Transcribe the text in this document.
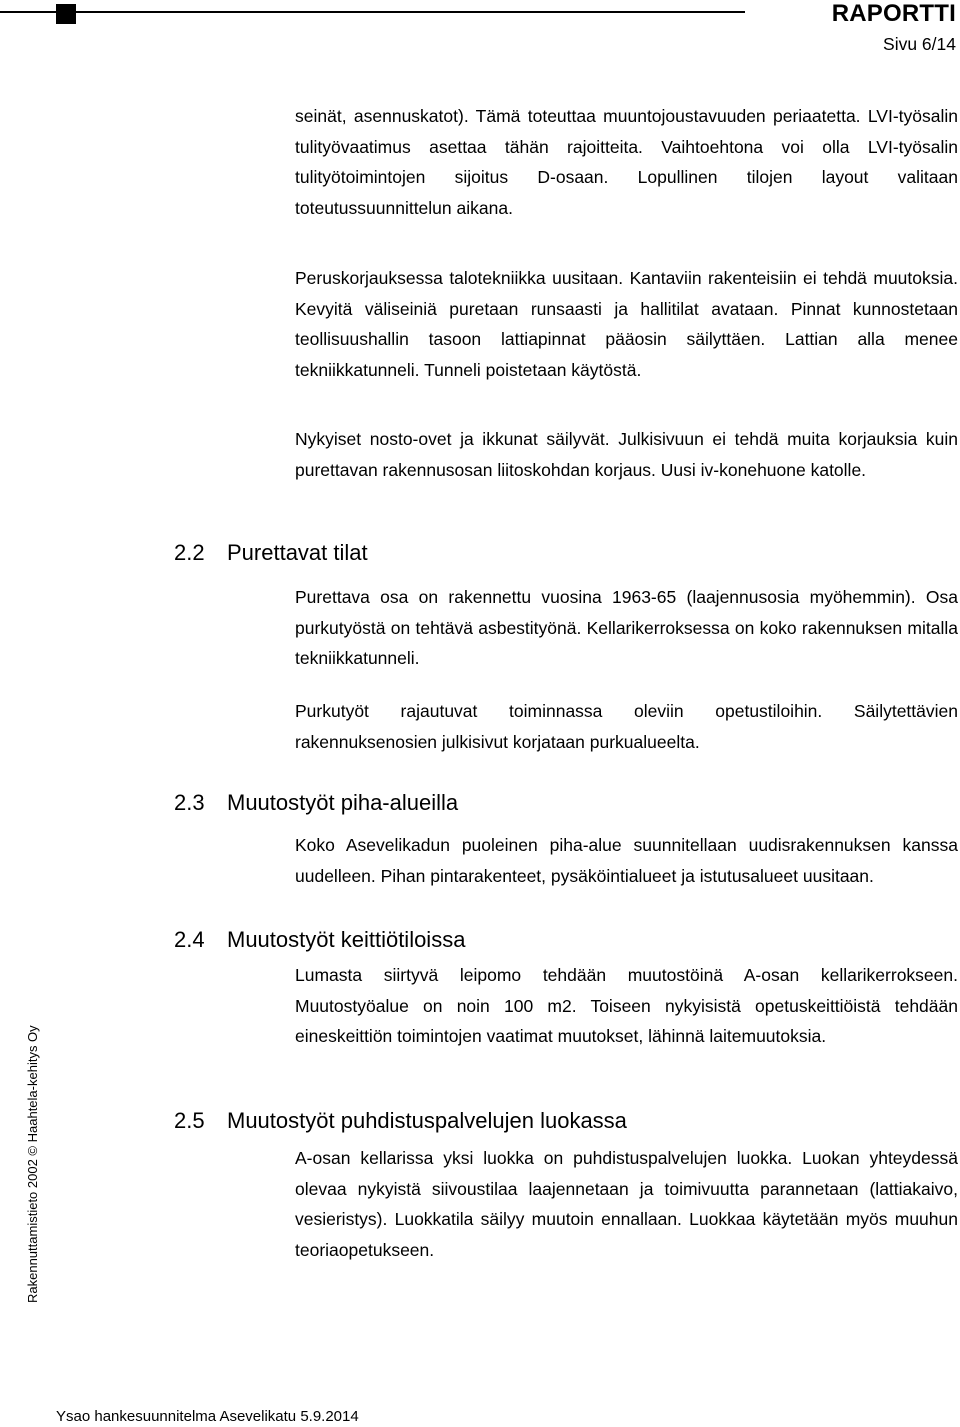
RAPORTTI
Sivu 6/14
seinät, asennuskatot). Tämä toteuttaa muuntojoustavuuden periaatetta. LVI-työsalin tulityövaatimus asettaa tähän rajoitteita. Vaihtoehtona voi olla LVI-työsalin tulityötoimintojen sijoitus D-osaan. Lopullinen tilojen layout valitaan toteutussuunnittelun aikana.
Peruskorjauksessa talotekniikka uusitaan. Kantaviin rakenteisiin ei tehdä muutoksia. Kevyitä väliseiniä puretaan runsaasti ja hallitilat avataan. Pinnat kunnostetaan teollisuushallin tasoon lattiapinnat pääosin säilyttäen. Lattian alla menee tekniikkatunneli. Tunneli poistetaan käytöstä.
Nykyiset nosto-ovet ja ikkunat säilyvät. Julkisivuun ei tehdä muita korjauksia kuin purettavan rakennusosan liitoskohdan korjaus. Uusi iv-konehuone katolle.
2.2 Purettavat tilat
Purettava osa on rakennettu vuosina 1963-65 (laajennusosia myöhemmin). Osa purkutyöstä on tehtävä asbestityönä. Kellarikerroksessa on koko rakennuksen mitalla tekniikkatunneli.
Purkutyöt rajautuvat toiminnassa oleviin opetustiloihin. Säilytettävien rakennuksenosien julkisivut korjataan purkualueelta.
2.3 Muutostyöt piha-alueilla
Koko Asevelikadun puoleinen piha-alue suunnitellaan uudisrakennuksen kanssa uudelleen. Pihan pintarakenteet, pysäköintialueet ja istutusalueet uusitaan.
2.4 Muutostyöt keittiötiloissa
Lumasta siirtyvä leipomo tehdään muutostöinä A-osan kellarikerrokseen. Muutostyöalue on noin 100 m2. Toiseen nykyisistä opetuskeittiöistä tehdään eineskeittiön toimintojen vaatimat muutokset, lähinnä laitemuutoksia.
2.5 Muutostyöt puhdistuspalvelujen luokassa
A-osan kellarissa yksi luokka on puhdistuspalvelujen luokka. Luokan yhteydessä olevaa nykyistä siivoustilaa laajennetaan ja toimivuutta parannetaan (lattiakaivo, vesieristys). Luokkatila säilyy muutoin ennallaan. Luokkaa käytetään myös muuhun teoriaopetukseen.
Rakennuttamistieto 2002 © Haahtela-kehitys Oy
Ysao hankesuunnitelma Asevelikatu 5.9.2014
